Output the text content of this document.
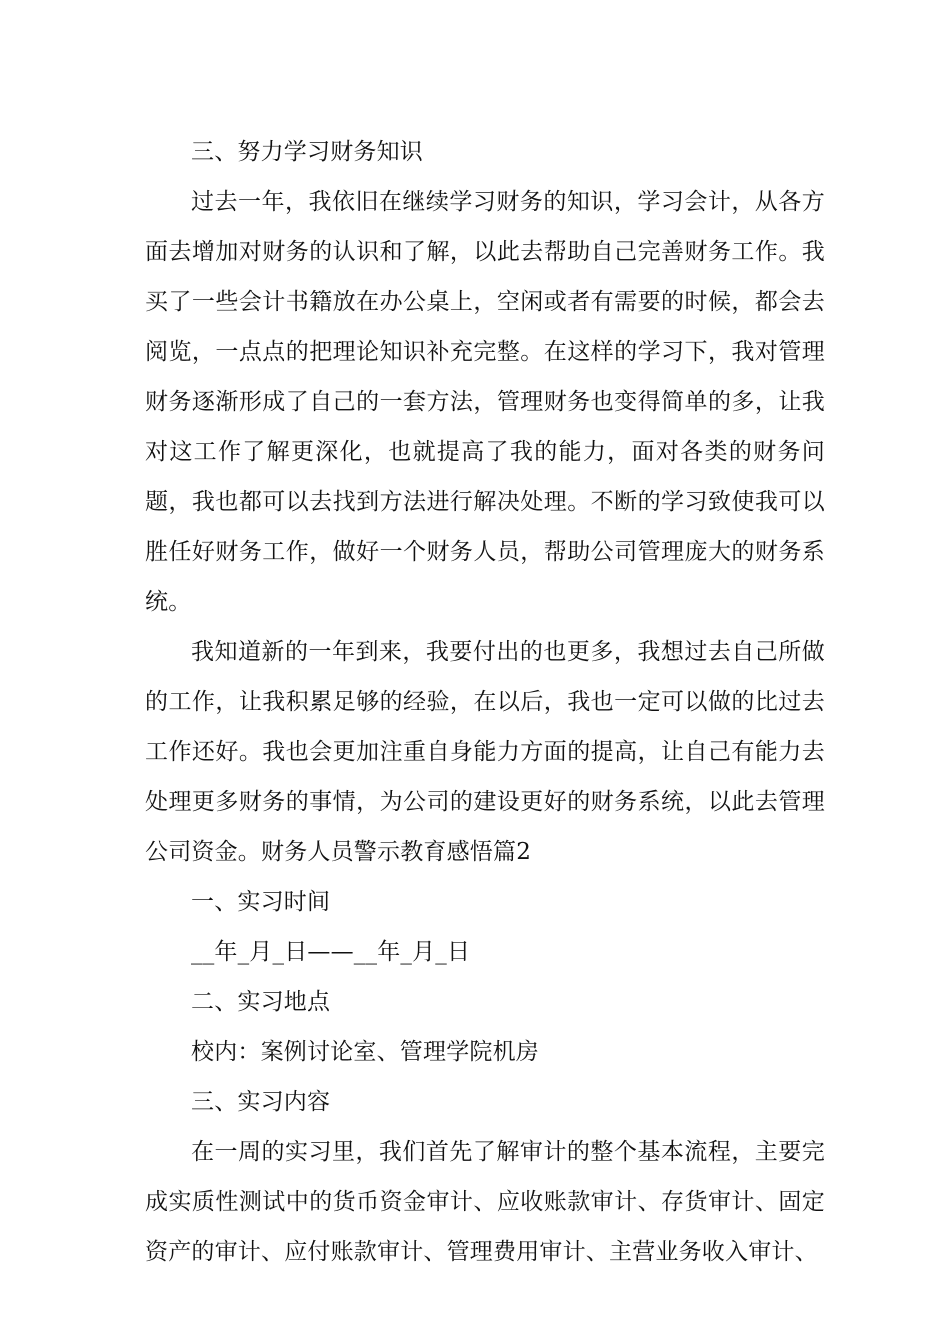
三、努力学习财务知识

过去一年，我依旧在继续学习财务的知识，学习会计，从各方面去增加对财务的认识和了解，以此去帮助自己完善财务工作。我买了一些会计书籍放在办公桌上，空闲或者有需要的时候，都会去阅览，一点点的把理论知识补充完整。在这样的学习下，我对管理财务逐渐形成了自己的一套方法，管理财务也变得简单的多，让我对这工作了解更深化，也就提高了我的能力，面对各类的财务问题，我也都可以去找到方法进行解决处理。不断的学习致使我可以胜任好财务工作，做好一个财务人员，帮助公司管理庞大的财务系统。

我知道新的一年到来，我要付出的也更多，我想过去自己所做的工作，让我积累足够的经验，在以后，我也一定可以做的比过去工作还好。我也会更加注重自身能力方面的提高，让自己有能力去处理更多财务的事情，为公司的建设更好的财务系统，以此去管理公司资金。财务人员警示教育感悟篇2

一、实习时间

__年_月_日——__年_月_日

二、实习地点

校内：案例讨论室、管理学院机房

三、实习内容

在一周的实习里，我们首先了解审计的整个基本流程，主要完成实质性测试中的货币资金审计、应收账款审计、存货审计、固定资产的审计、应付账款审计、管理费用审计、主营业务收入审计、
